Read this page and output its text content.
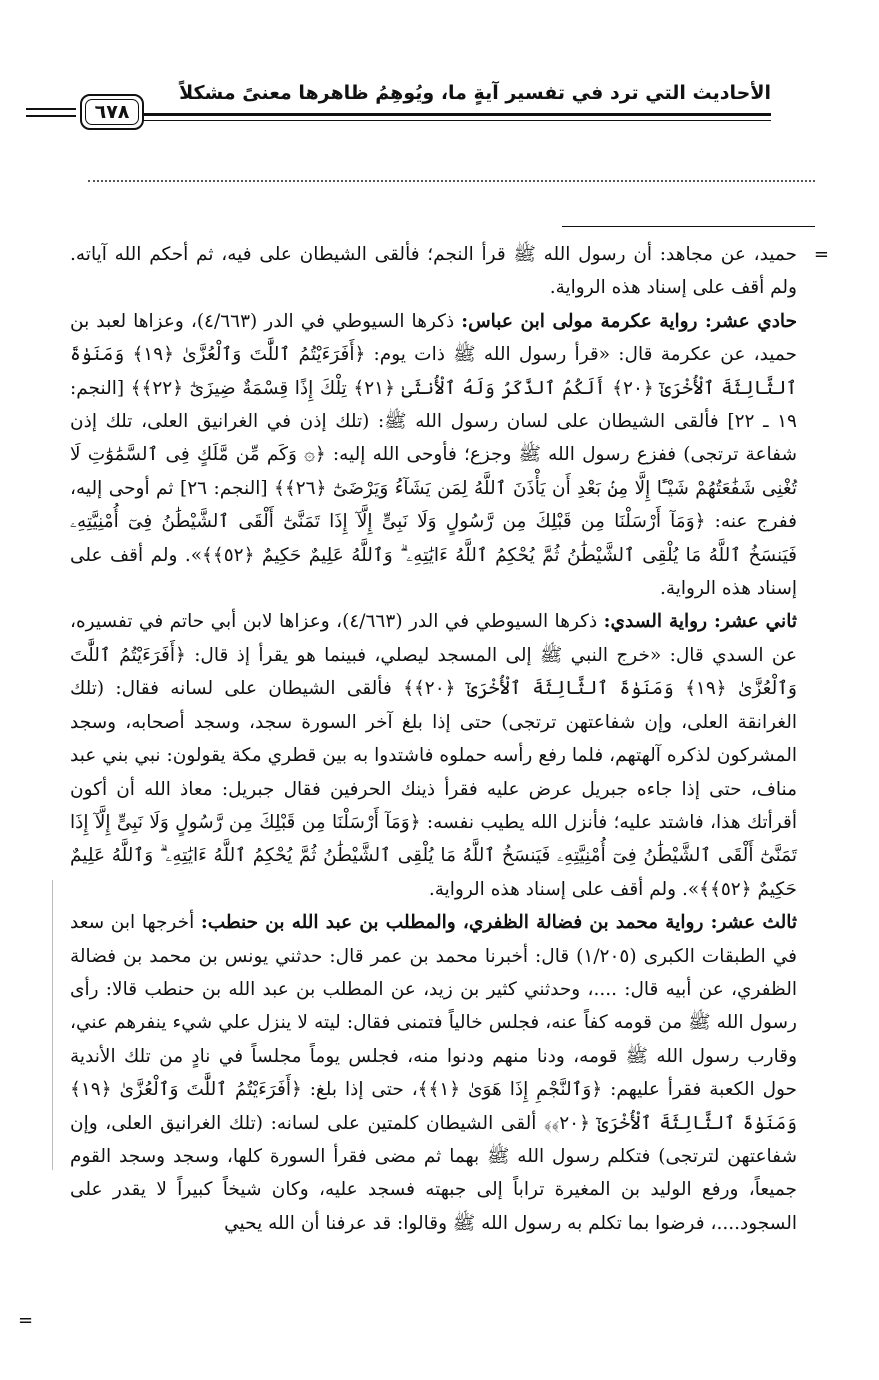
الأحاديث التي ترد في تفسير آيةٍ ما، ويُوهِمُ ظاهرها معنىً مشكلاً
٦٧٨
=

حميد، عن مجاهد: أن رسول الله ﷺ قرأ النجم؛ فألقى الشيطان على فيه، ثم أحكم الله آياته. ولم أقف على إسناد هذه الرواية.

حادي عشر: رواية عكرمة مولى ابن عباس: ذكرها السيوطي في الدر (٤/٦٦٣)، وعزاها لعبد بن حميد، عن عكرمة قال: «قرأ رسول الله ﷺ ذات يوم: ﴿أَفَرَءَيْتُمُ ٱللَّٰتَ وَٱلْعُزَّىٰ ﴿١٩﴾ وَمَنَوٰةَ ٱلثَّالِثَةَ ٱلْأُخْرَىٰٓ ﴿٢٠﴾ أَلَكُمُ ٱلذَّكَرُ وَلَهُ ٱلْأُنثَىٰ ﴿٢١﴾ تِلْكَ إِذًا قِسْمَةٌ ضِيزَىٰٓ ﴿٢٢﴾﴾ [النجم: ١٩ ـ ٢٢] فألقى الشيطان على لسان رسول الله ﷺ: (تلك إذن في الغرانيق العلى، تلك إذن شفاعة ترتجى) ففزع رسول الله ﷺ وجزع؛ فأوحى الله إليه: ﴿۞ وَكَم مِّن مَّلَكٍ فِى ٱلسَّمَٰوَٰتِ لَا تُغْنِى شَفَٰعَتُهُمْ شَيْـًٔا إِلَّا مِنۢ بَعْدِ أَن يَأْذَنَ ٱللَّهُ لِمَن يَشَآءُ وَيَرْضَىٰٓ ﴿٢٦﴾﴾ [النجم: ٢٦] ثم أوحى إليه، ففرج عنه: ﴿وَمَآ أَرْسَلْنَا مِن قَبْلِكَ مِن رَّسُولٍ وَلَا نَبِىٍّ إِلَّآ إِذَا تَمَنَّىٰٓ أَلْقَى ٱلشَّيْطَٰنُ فِىٓ أُمْنِيَّتِهِۦ فَيَنسَخُ ٱللَّهُ مَا يُلْقِى ٱلشَّيْطَٰنُ ثُمَّ يُحْكِمُ ٱللَّهُ ءَايَٰتِهِۦ ۗ وَٱللَّهُ عَلِيمٌ حَكِيمٌ ﴿٥٢﴾﴾». ولم أقف على إسناد هذه الرواية.

ثاني عشر: رواية السدي: ذكرها السيوطي في الدر (٤/٦٦٣)، وعزاها لابن أبي حاتم في تفسيره، عن السدي قال: «خرج النبي ﷺ إلى المسجد ليصلي، فبينما هو يقرأ إذ قال: ﴿أَفَرَءَيْتُمُ ٱللَّٰتَ وَٱلْعُزَّىٰ ﴿١٩﴾ وَمَنَوٰةَ ٱلثَّالِثَةَ ٱلْأُخْرَىٰٓ ﴿٢٠﴾﴾ فألقى الشيطان على لسانه فقال: (تلك الغرانقة العلى، وإن شفاعتهن ترتجى) حتى إذا بلغ آخر السورة سجد، وسجد أصحابه، وسجد المشركون لذكره آلهتهم، فلما رفع رأسه حملوه فاشتدوا به بين قطري مكة يقولون: نبي بني عبد مناف، حتى إذا جاءه جبريل عرض عليه فقرأ ذينك الحرفين فقال جبريل: معاذ الله أن أكون أقرأتك هذا، فاشتد عليه؛ فأنزل الله يطيب نفسه: ﴿وَمَآ أَرْسَلْنَا مِن قَبْلِكَ مِن رَّسُولٍ وَلَا نَبِىٍّ إِلَّآ إِذَا تَمَنَّىٰٓ أَلْقَى ٱلشَّيْطَٰنُ فِىٓ أُمْنِيَّتِهِۦ فَيَنسَخُ ٱللَّهُ مَا يُلْقِى ٱلشَّيْطَٰنُ ثُمَّ يُحْكِمُ ٱللَّهُ ءَايَٰتِهِۦ ۗ وَٱللَّهُ عَلِيمٌ حَكِيمٌ ﴿٥٢﴾﴾». ولم أقف على إسناد هذه الرواية.

ثالث عشر: رواية محمد بن فضالة الظفري، والمطلب بن عبد الله بن حنطب: أخرجها ابن سعد في الطبقات الكبرى (١/٢٠٥) قال: أخبرنا محمد بن عمر قال: حدثني يونس بن محمد بن فضالة الظفري، عن أبيه قال: ....، وحدثني كثير بن زيد، عن المطلب بن عبد الله بن حنطب قالا: رأى رسول الله ﷺ من قومه كفاً عنه، فجلس خالياً فتمنى فقال: ليته لا ينزل علي شيء ينفرهم عني، وقارب رسول الله ﷺ قومه، ودنا منهم ودنوا منه، فجلس يوماً مجلساً في نادٍ من تلك الأندية حول الكعبة فقرأ عليهم: ﴿وَٱلنَّجْمِ إِذَا هَوَىٰ ﴿١﴾﴾، حتى إذا بلغ: ﴿أَفَرَءَيْتُمُ ٱللَّٰتَ وَٱلْعُزَّىٰ ﴿١٩﴾ وَمَنَوٰةَ ٱلثَّالِثَةَ ٱلْأُخْرَىٰٓ ﴿٢٠﴾﴾ ألقى الشيطان كلمتين على لسانه: (تلك الغرانيق العلى، وإن شفاعتهن لترتجى) فتكلم رسول الله ﷺ بهما ثم مضى فقرأ السورة كلها، وسجد وسجد القوم جميعاً، ورفع الوليد بن المغيرة تراباً إلى جبهته فسجد عليه، وكان شيخاً كبيراً لا يقدر على السجود....، فرضوا بما تكلم به رسول الله ﷺ وقالوا: قد عرفنا أن الله يحيي

=
